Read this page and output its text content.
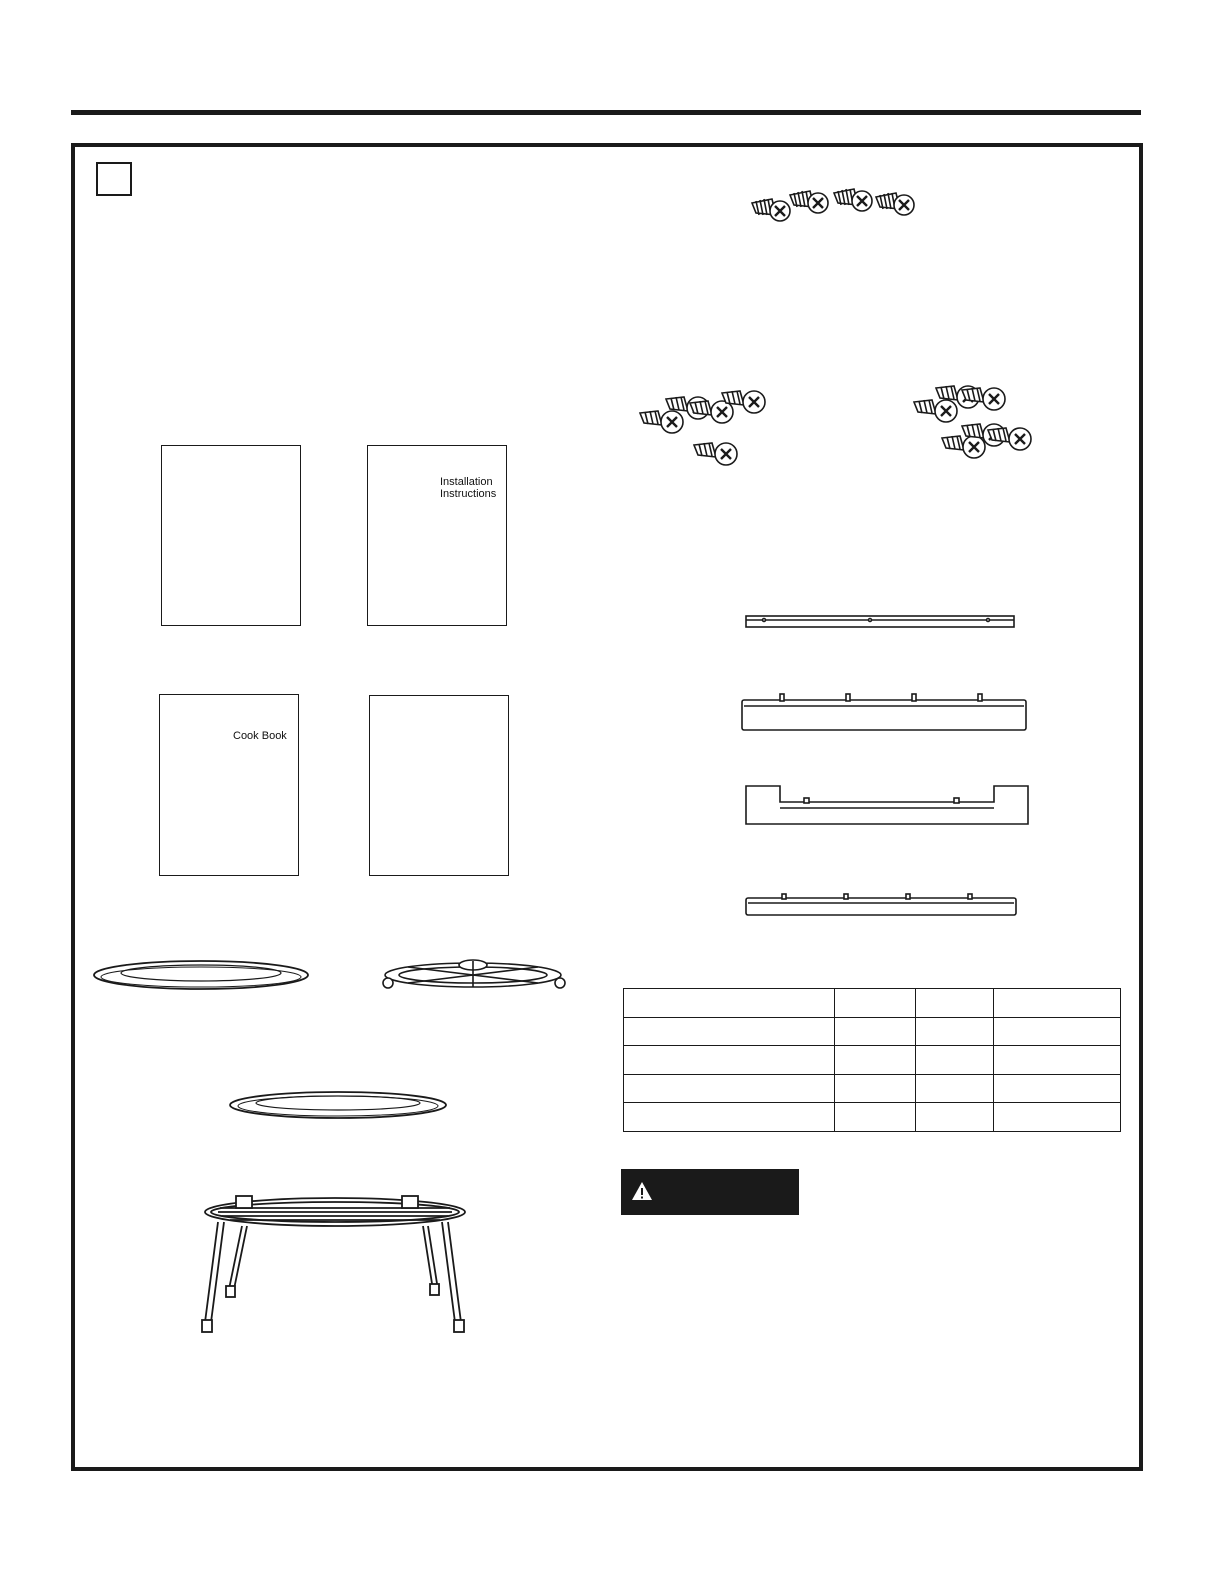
Installation
Instructions
Cook Book
